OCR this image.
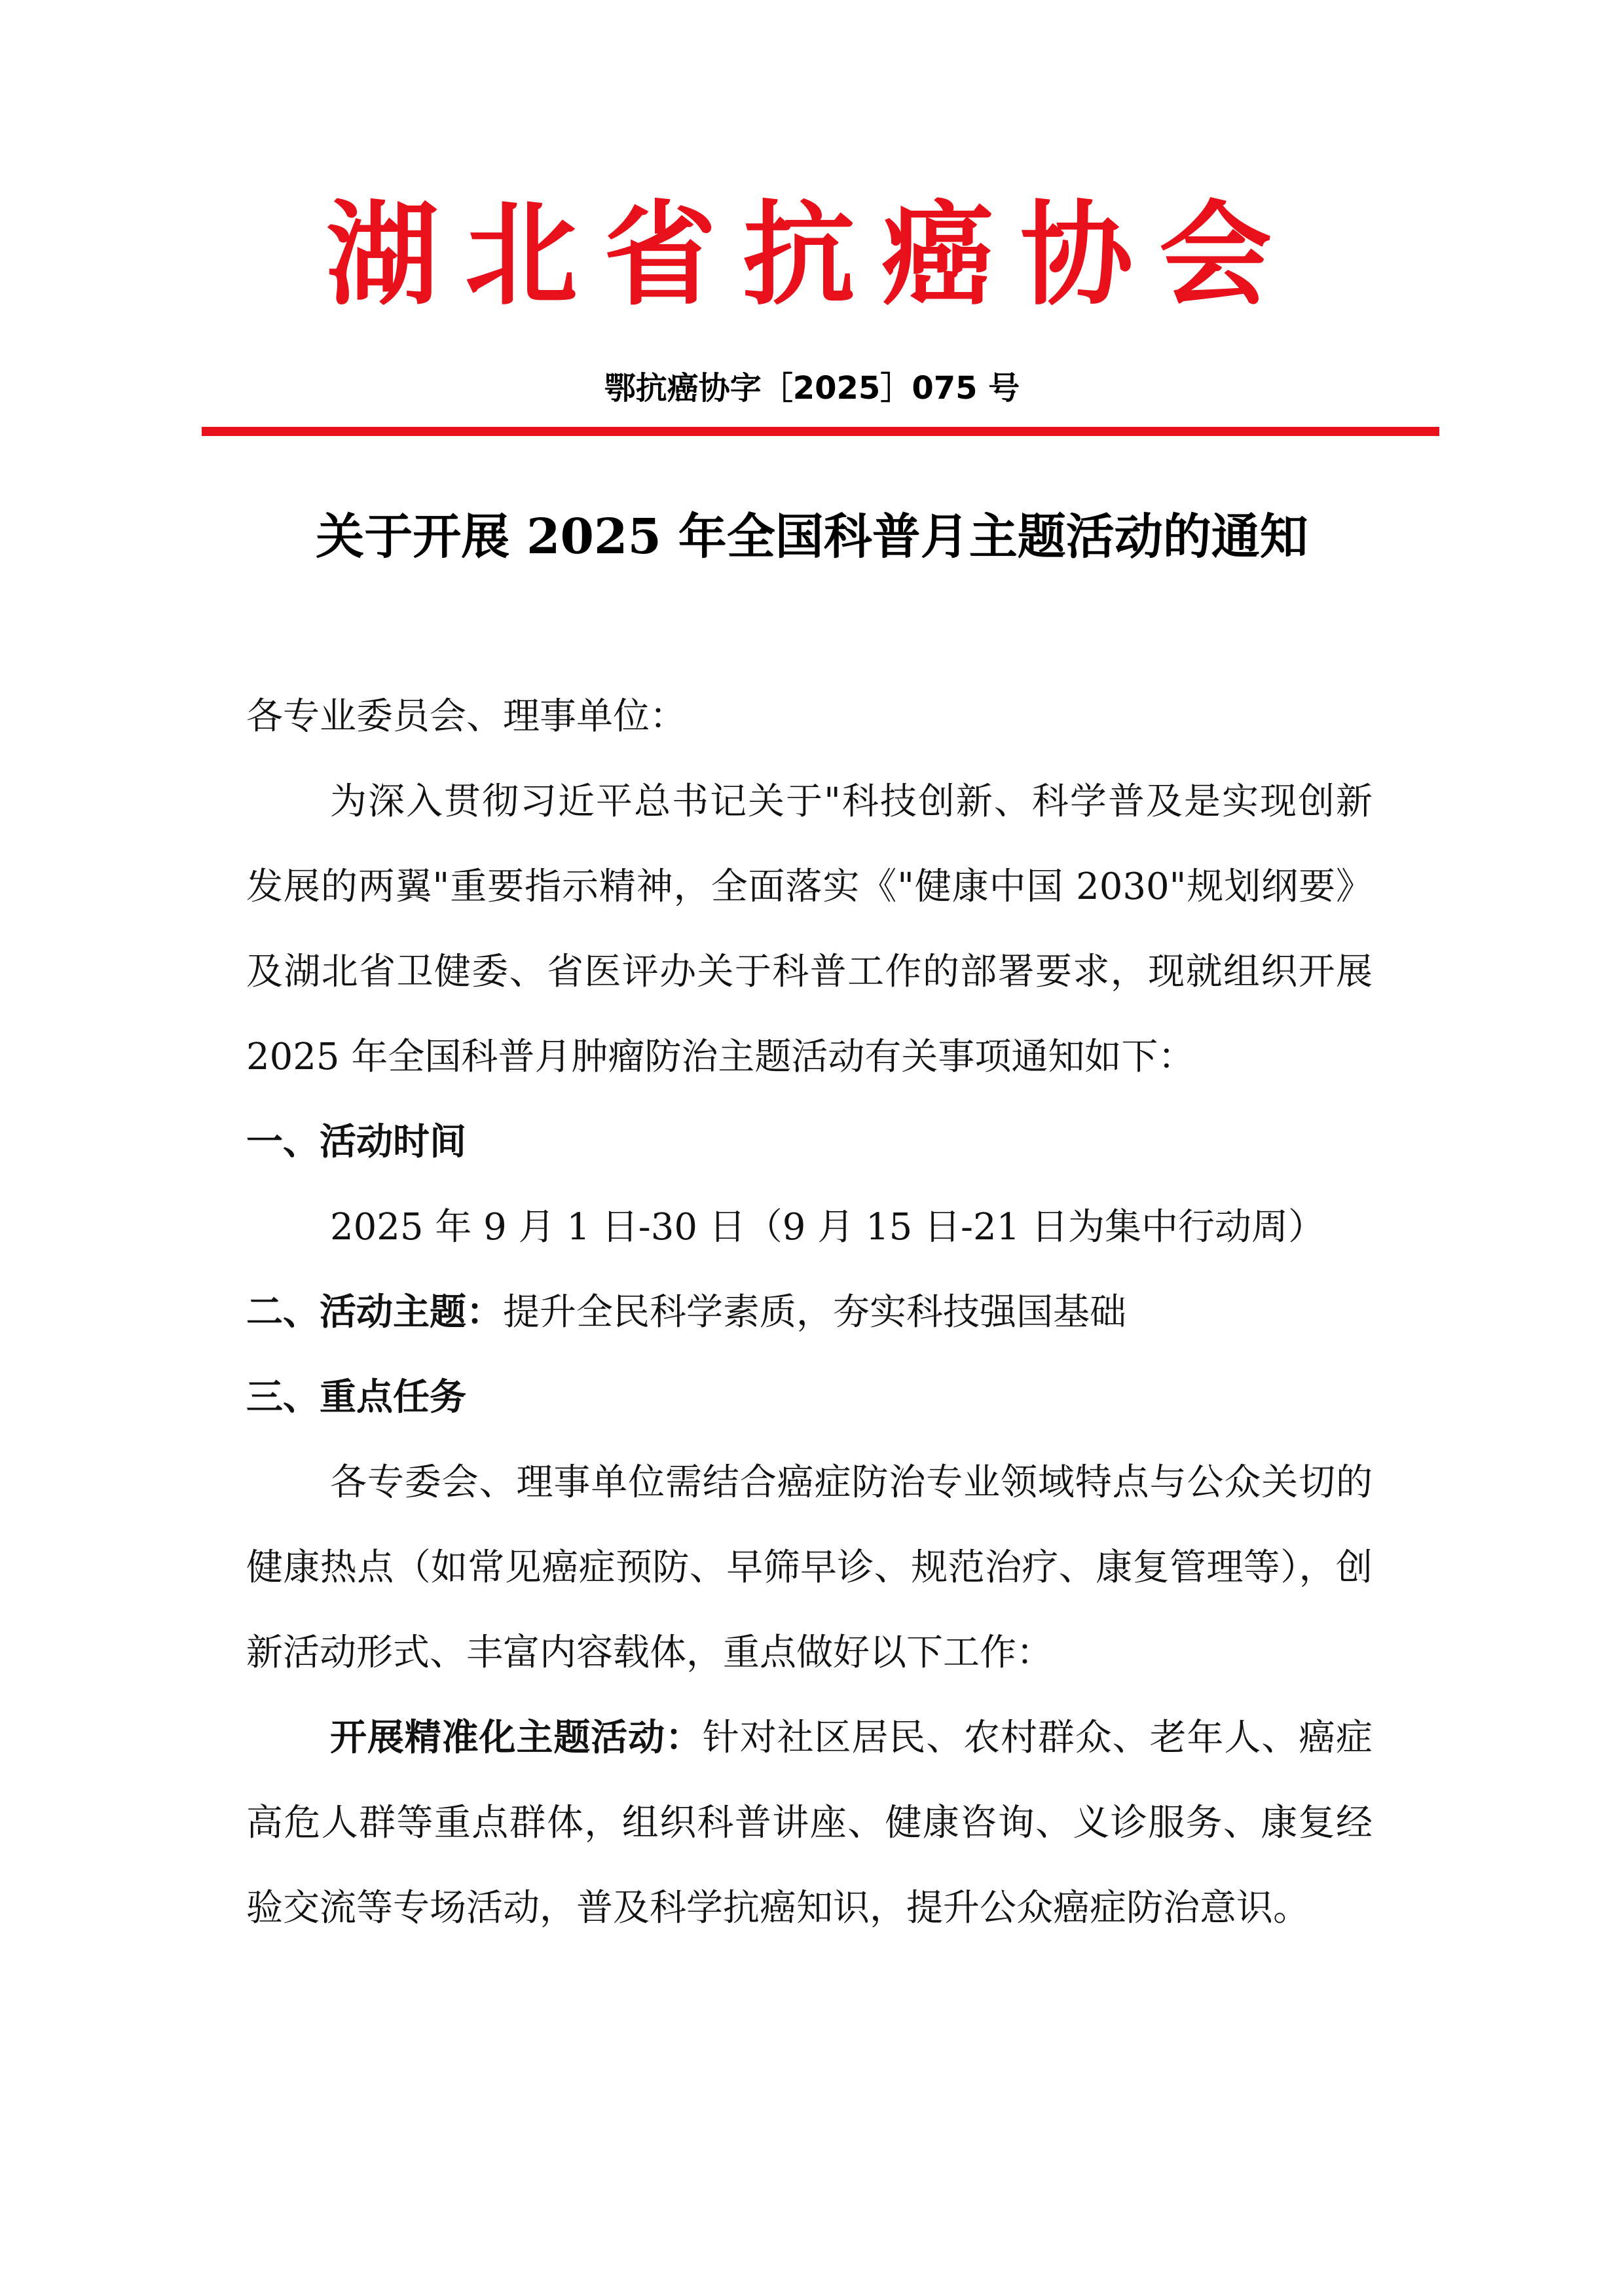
湖北省抗癌协会
鄂抗癌协字［2025］075 号
关于开展 2025 年全国科普月主题活动的通知

各专业委员会、理事单位：

为深入贯彻习近平总书记关于"科技创新、科学普及是实现创新发展的两翼"重要指示精神，全面落实《"健康中国 2030"规划纲要》及湖北省卫健委、省医评办关于科普工作的部署要求，现就组织开展 2025 年全国科普月肿瘤防治主题活动有关事项通知如下：

一、活动时间

2025 年 9 月 1 日-30 日（9 月 15 日-21 日为集中行动周）

二、活动主题：提升全民科学素质，夯实科技强国基础

三、重点任务

各专委会、理事单位需结合癌症防治专业领域特点与公众关切的健康热点（如常见癌症预防、早筛早诊、规范治疗、康复管理等），创新活动形式、丰富内容载体，重点做好以下工作：

开展精准化主题活动：针对社区居民、农村群众、老年人、癌症高危人群等重点群体，组织科普讲座、健康咨询、义诊服务、康复经验交流等专场活动，普及科学抗癌知识，提升公众癌症防治意识。
